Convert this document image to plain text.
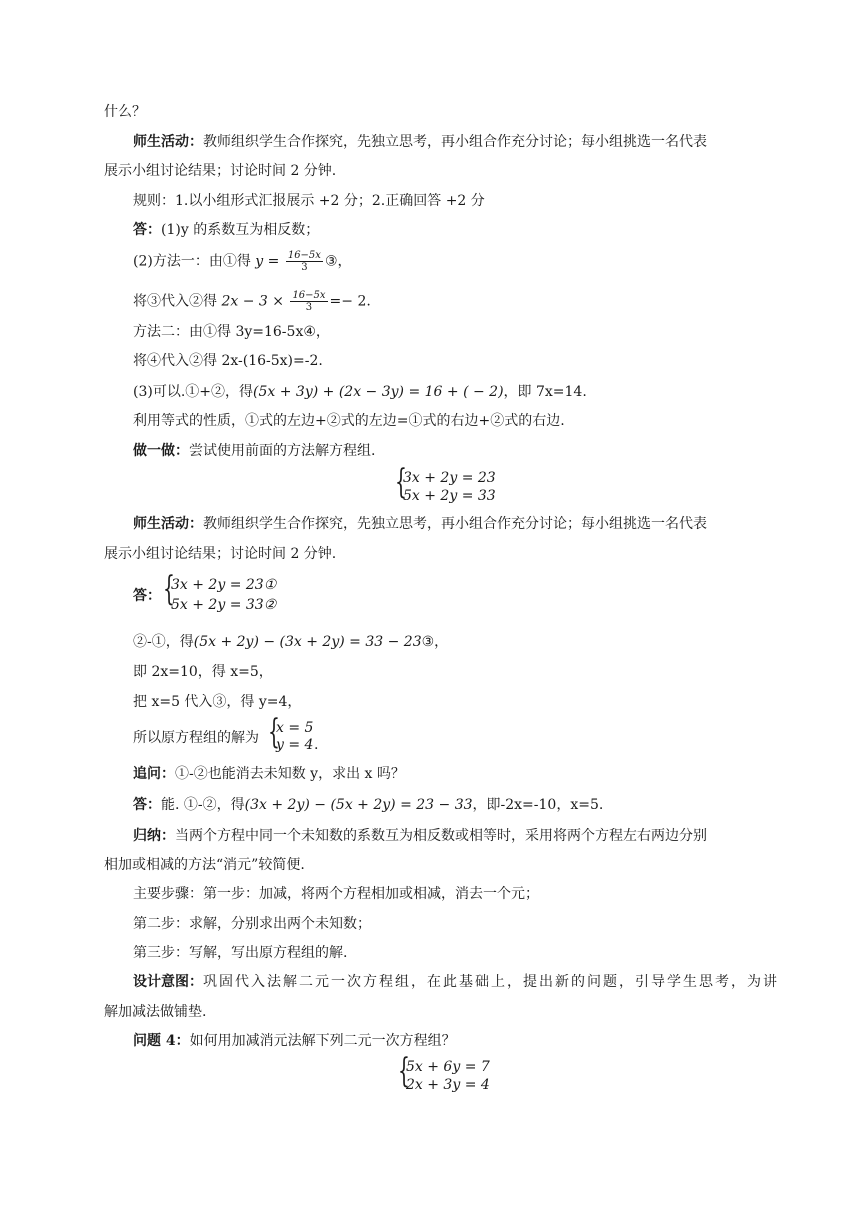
什么？
师生活动：教师组织学生合作探究，先独立思考，再小组合作充分讨论；每小组挑选一名代表
展示小组讨论结果；讨论时间 2 分钟.
规则：1.以小组形式汇报展示 +2 分；2.正确回答 +2 分
答：(1)y 的系数互为相反数；
(2)方法一：由①得 $y = \frac{16-5x}{3}$ ③，
将③代入②得 $2x - 3 \times \frac{16-5x}{3} =- 2$.
方法二：由①得 3y=16-5x④，
将④代入②得 2x-(16-5x)=-2.
(3)可以.①+②，得(5x + 3y) + (2x − 3y) = 16 + ( − 2)，即 7x=14.
利用等式的性质，①式的左边+②式的左边=①式的右边+②式的右边.
做一做：尝试使用前面的方法解方程组.
{
3x + 2y = 23
5x + 2y = 33
师生活动：教师组织学生合作探究，先独立思考，再小组合作充分讨论；每小组挑选一名代表
展示小组讨论结果；讨论时间 2 分钟.
答： {
3x + 2y = 23①
5x + 2y = 33②
②-①，得(5x + 2y) − (3x + 2y) = 33 − 23③，
即 2x=10，得 x=5，
把 x=5 代入③，得 y=4，
所以原方程组的解为 {
x = 5
y = 4 .
追问：①-②也能消去未知数 y，求出 x 吗？
答：能. ①-②，得(3x + 2y) − (5x + 2y) = 23 − 33，即-2x=-10，x=5.
归纳：当两个方程中同一个未知数的系数互为相反数或相等时，采用将两个方程左右两边分别
相加或相减的方法“消元”较简便.
主要步骤：第一步：加减，将两个方程相加或相减，消去一个元；
第二步：求解，分别求出两个未知数；
第三步：写解，写出原方程组的解.
设计意图：巩固代入法解二元一次方程组，在此基础上，提出新的问题，引导学生思考，为讲
解加减法做铺垫.
问题 4：如何用加减消元法解下列二元一次方程组？
{
5x + 6y = 7
2x + 3y = 4
